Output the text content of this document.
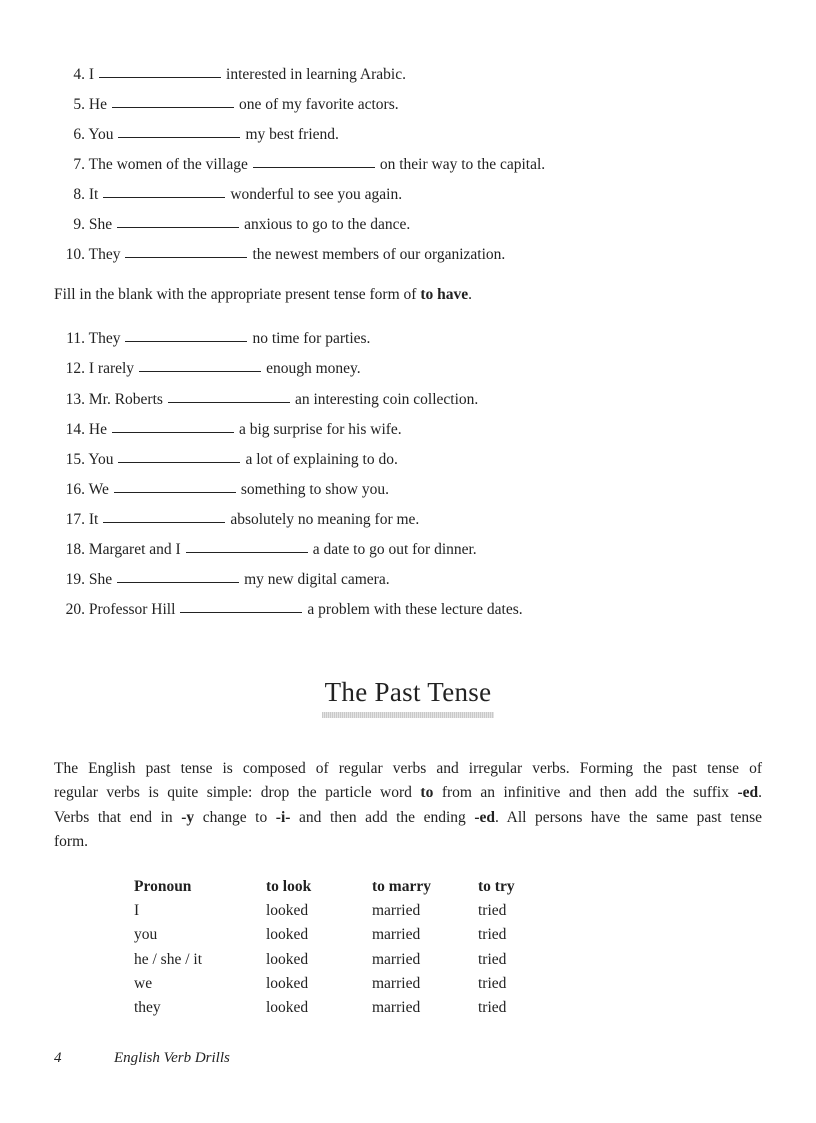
4. I	interested in learning Arabic.
5. He	one of my favorite actors.
6. You	my best friend.
7. The women of the village	on their way to the capital.
8. It	wonderful to see you again.
9. She	anxious to go to the dance.
10. They	the newest members of our organization.
Fill in the blank with the appropriate present tense form of to have.
11. They	no time for parties.
12. I rarely	enough money.
13. Mr. Roberts	an interesting coin collection.
14. He	a big surprise for his wife.
15. You	a lot of explaining to do.
16. We	something to show you.
17. It	absolutely no meaning for me.
18. Margaret and I	a date to go out for dinner.
19. She	my new digital camera.
20. Professor Hill	a problem with these lecture dates.
The Past Tense
The English past tense is composed of regular verbs and irregular verbs. Forming the past tense of
regular verbs is quite simple: drop the particle word to from an infinitive and then add the suffix -ed.
Verbs that end in -y change to -i- and then add the ending -ed. All persons have the same past tense
form.
Pronoun	to look	to marry	to try
I	looked	married	tried
you	looked	married	tried
he / she / it	looked	married	tried
we	looked	married	tried
they	looked	married	tried
4	English Verb Drills
